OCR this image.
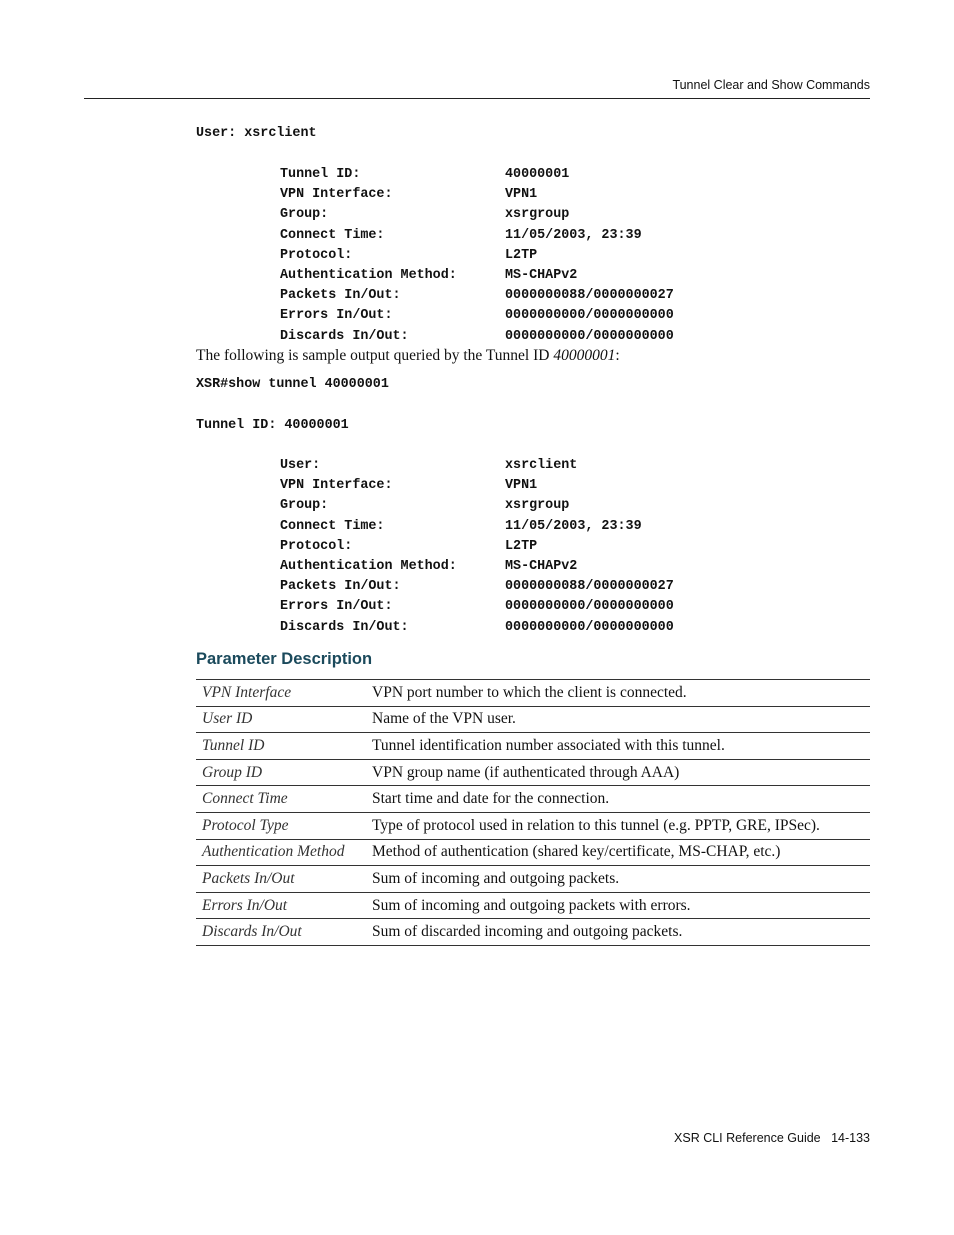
Tunnel Clear and Show Commands
User: xsrclient
Tunnel ID:	40000001
VPN Interface:	VPN1
Group:	xsrgroup
Connect Time:	11/05/2003, 23:39
Protocol:	L2TP
Authentication Method:	MS-CHAPv2
Packets In/Out:	0000000088/0000000027
Errors In/Out:	0000000000/0000000000
Discards In/Out:	0000000000/0000000000
The following is sample output queried by the Tunnel ID 40000001:
XSR#show tunnel 40000001
Tunnel ID: 40000001
User:	xsrclient
VPN Interface:	VPN1
Group:	xsrgroup
Connect Time:	11/05/2003, 23:39
Protocol:	L2TP
Authentication Method:	MS-CHAPv2
Packets In/Out:	0000000088/0000000027
Errors In/Out:	0000000000/0000000000
Discards In/Out:	0000000000/0000000000
Parameter Description
VPN Interface	VPN port number to which the client is connected.
User ID	Name of the VPN user.
Tunnel ID	Tunnel identification number associated with this tunnel.
Group ID	VPN group name (if authenticated through AAA)
Connect Time	Start time and date for the connection.
Protocol Type	Type of protocol used in relation to this tunnel (e.g. PPTP, GRE, IPSec).
Authentication Method	Method of authentication (shared key/certificate, MS-CHAP, etc.)
Packets In/Out	Sum of incoming and outgoing packets.
Errors In/Out	Sum of incoming and outgoing packets with errors.
Discards In/Out	Sum of discarded incoming and outgoing packets.
XSR CLI Reference Guide 14-133
